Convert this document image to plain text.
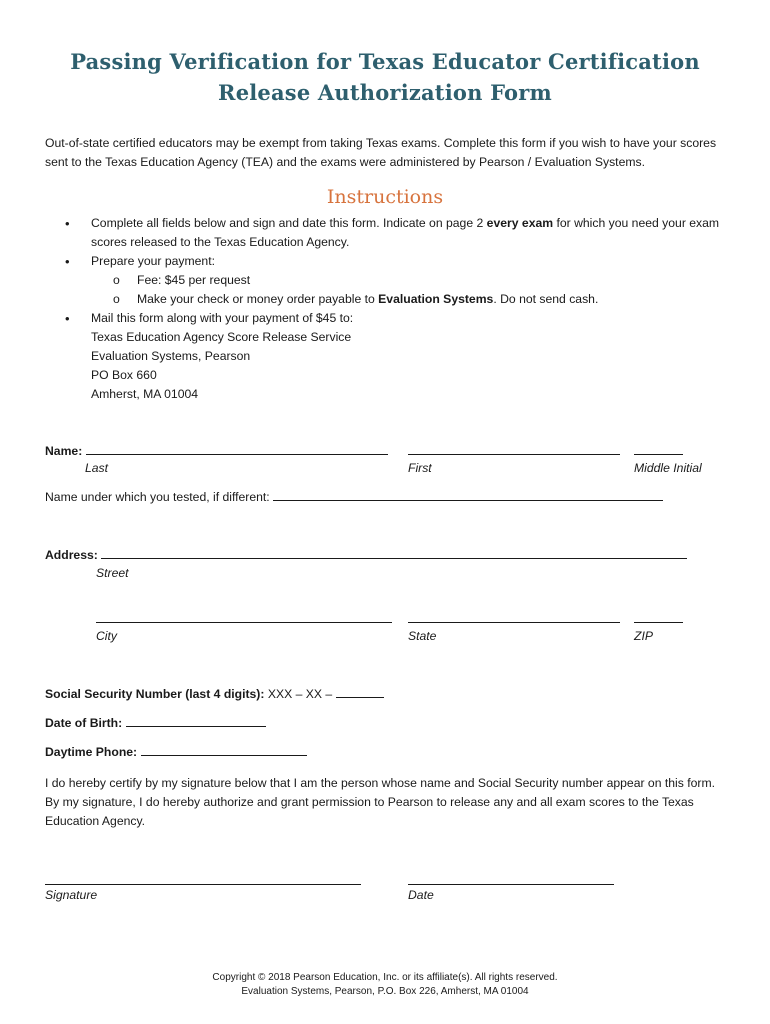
Passing Verification for Texas Educator Certification
Release Authorization Form

Out-of-state certified educators may be exempt from taking Texas exams. Complete this form if you wish to have your scores sent to the Texas Education Agency (TEA) and the exams were administered by Pearson / Evaluation Systems.

Instructions
• Complete all fields below and sign and date this form. Indicate on page 2 every exam for which you need your exam scores released to the Texas Education Agency.
• Prepare your payment:
o Fee: $45 per request
o Make your check or money order payable to Evaluation Systems. Do not send cash.
• Mail this form along with your payment of $45 to:
Texas Education Agency Score Release Service
Evaluation Systems, Pearson
PO Box 660
Amherst, MA 01004
Name:
Last	First	Middle Initial
Name under which you tested, if different:
Address:
Street
City	State	ZIP
Social Security Number (last 4 digits): XXX – XX –
Date of Birth:
Daytime Phone:

I do hereby certify by my signature below that I am the person whose name and Social Security number appear on this form. By my signature, I do hereby authorize and grant permission to Pearson to release any and all exam scores to the Texas Education Agency.

Signature	Date
Copyright © 2018 Pearson Education, Inc. or its affiliate(s). All rights reserved.
Evaluation Systems, Pearson, P.O. Box 226, Amherst, MA 01004
